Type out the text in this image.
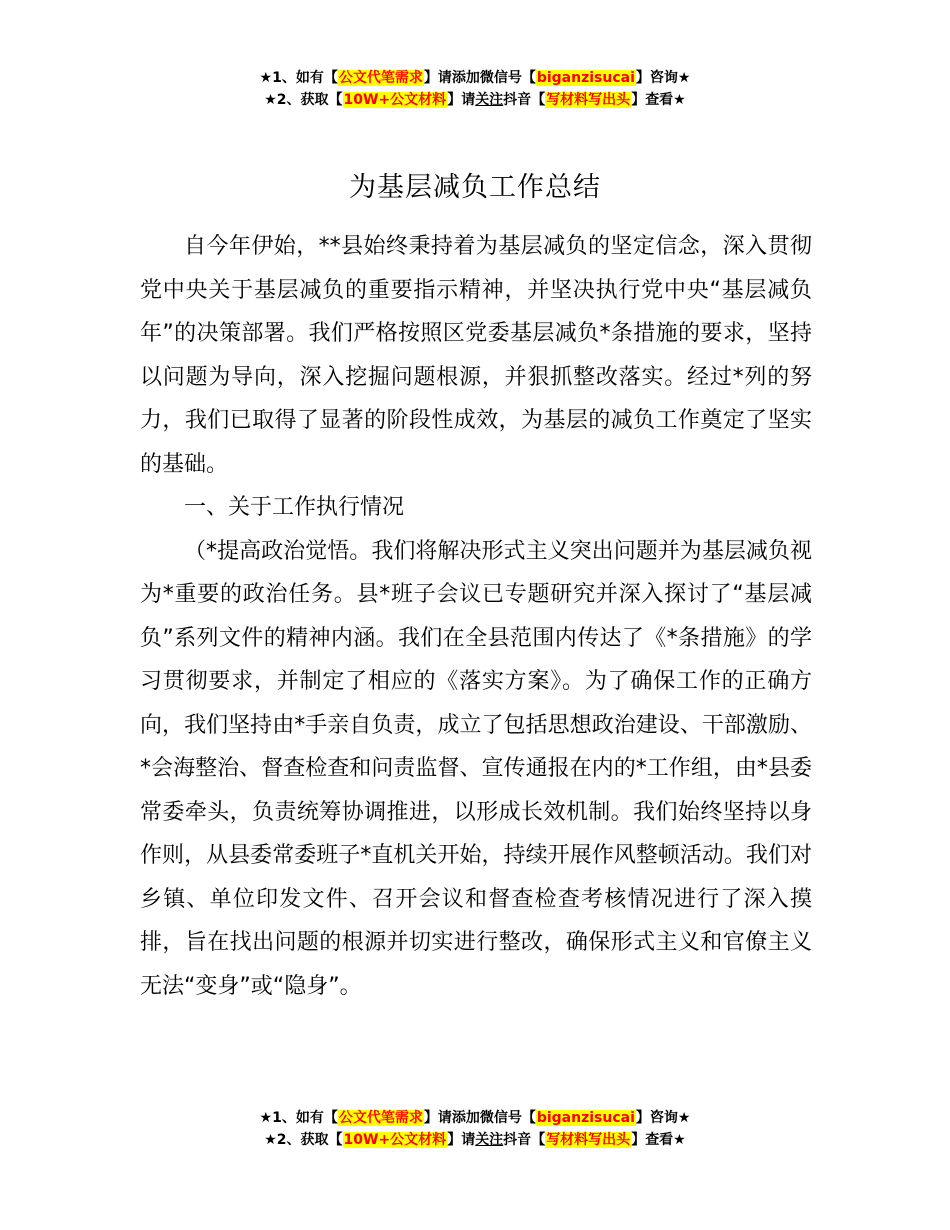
★1、如有【公文代笔需求】请添加微信号【biganzisucai】咨询★
★2、获取【10W+公文材料】请关注抖音【写材料写出头】查看★
为基层减负工作总结

自今年伊始，**县始终秉持着为基层减负的坚定信念，深入贯彻党中央关于基层减负的重要指示精神，并坚决执行党中央“基层减负年”的决策部署。我们严格按照区党委基层减负*条措施的要求，坚持以问题为导向，深入挖掘问题根源，并狠抓整改落实。经过*列的努力，我们已取得了显著的阶段性成效，为基层的减负工作奠定了坚实的基础。

一、关于工作执行情况

（*提高政治觉悟。我们将解决形式主义突出问题并为基层减负视为*重要的政治任务。县*班子会议已专题研究并深入探讨了“基层减负”系列文件的精神内涵。我们在全县范围内传达了《*条措施》的学习贯彻要求，并制定了相应的《落实方案》。为了确保工作的正确方向，我们坚持由*手亲自负责，成立了包括思想政治建设、干部激励、*会海整治、督查检查和问责监督、宣传通报在内的*工作组，由*县委常委牵头，负责统筹协调推进，以形成长效机制。我们始终坚持以身作则，从县委常委班子*直机关开始，持续开展作风整顿活动。我们对乡镇、单位印发文件、召开会议和督查检查考核情况进行了深入摸排，旨在找出问题的根源并切实进行整改，确保形式主义和官僚主义无法“变身”或“隐身”。

★1、如有【公文代笔需求】请添加微信号【biganzisucai】咨询★
★2、获取【10W+公文材料】请关注抖音【写材料写出头】查看★
